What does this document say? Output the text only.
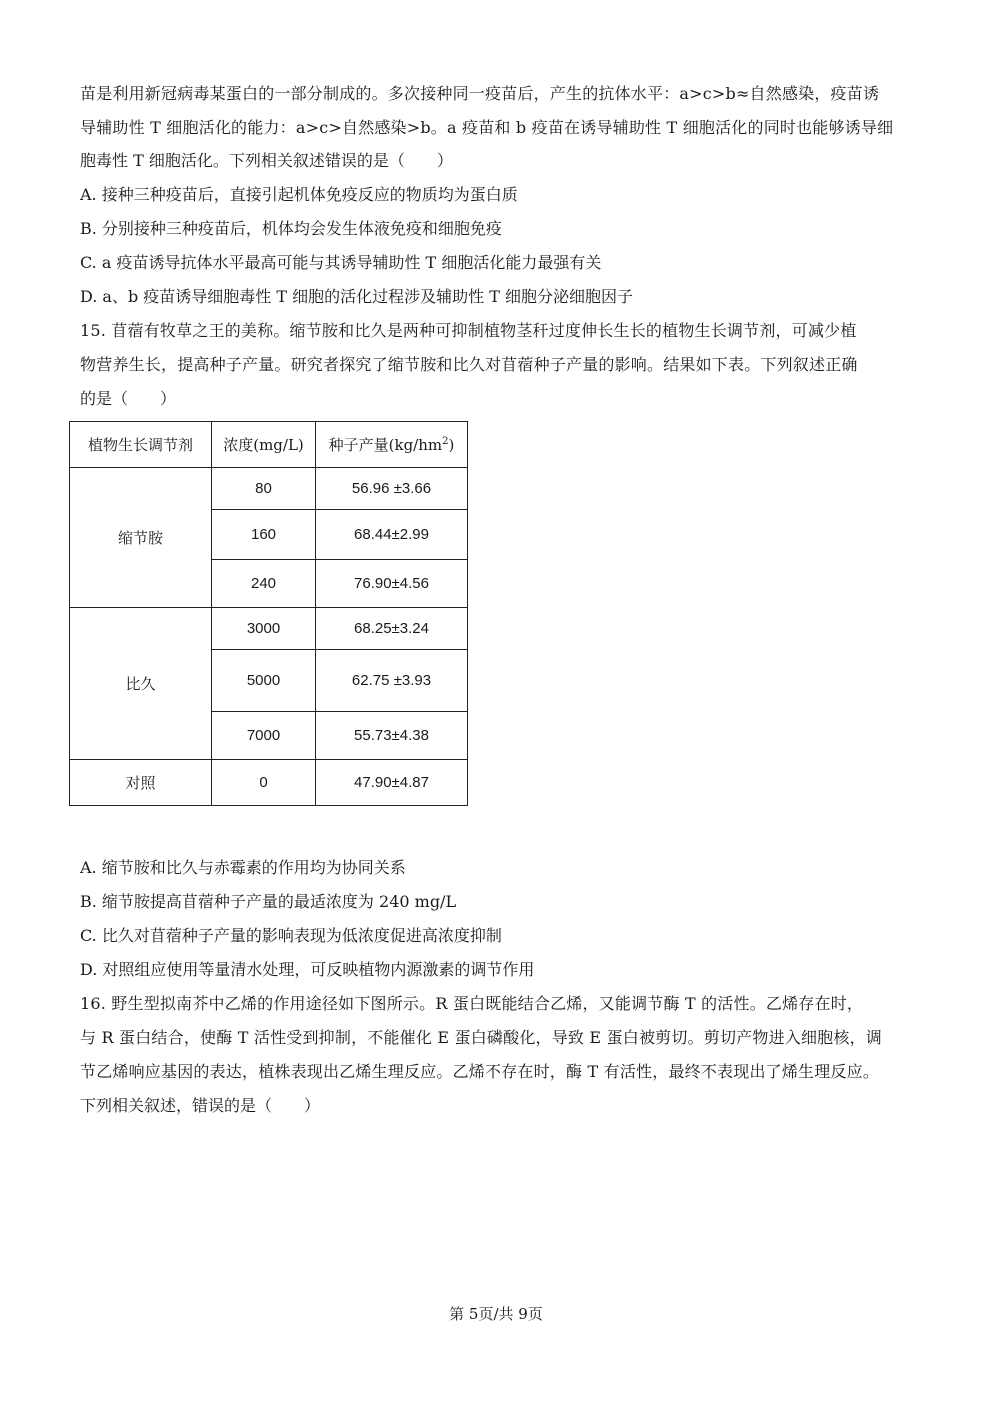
苗是利用新冠病毒某蛋白的一部分制成的。多次接种同一疫苗后，产生的抗体水平：a>c>b≈自然感染，疫苗诱
导辅助性 T 细胞活化的能力：a>c>自然感染>b。a 疫苗和 b 疫苗在诱导辅助性 T 细胞活化的同时也能够诱导细
胞毒性 T 细胞活化。下列相关叙述错误的是（　　）
A. 接种三种疫苗后，直接引起机体免疫反应的物质均为蛋白质
B. 分别接种三种疫苗后，机体均会发生体液免疫和细胞免疫
C. a 疫苗诱导抗体水平最高可能与其诱导辅助性 T 细胞活化能力最强有关
D. a、b 疫苗诱导细胞毒性 T 细胞的活化过程涉及辅助性 T 细胞分泌细胞因子
15. 苜蓿有牧草之王的美称。缩节胺和比久是两种可抑制植物茎秆过度伸长生长的植物生长调节剂，可减少植
物营养生长，提高种子产量。研究者探究了缩节胺和比久对苜蓿种子产量的影响。结果如下表。下列叙述正确
的是（　　）
植物生长调节剂	浓度(mg/L)	种子产量$(kg/hm^2)$
缩节胺	80	56.96 ±3.66
	160	68.44±2.99
	240	76.90±4.56
比久	3000	68.25±3.24
	5000	62.75 ±3.93
	7000	55.73±4.38
对照	0	47.90±4.87
A. 缩节胺和比久与赤霉素的作用均为协同关系
B. 缩节胺提高苜蓿种子产量的最适浓度为 240 mg/L
C. 比久对苜蓿种子产量的影响表现为低浓度促进高浓度抑制
D. 对照组应使用等量清水处理，可反映植物内源激素的调节作用
16. 野生型拟南芥中乙烯的作用途径如下图所示。R 蛋白既能结合乙烯，又能调节酶 T 的活性。乙烯存在时，
与 R 蛋白结合，使酶 T 活性受到抑制，不能催化 E 蛋白磷酸化，导致 E 蛋白被剪切。剪切产物进入细胞核，调
节乙烯响应基因的表达，植株表现出乙烯生理反应。乙烯不存在时，酶 T 有活性，最终不表现出了烯生理反应。
下列相关叙述，错误的是（　　）
第 5页/共 9页
